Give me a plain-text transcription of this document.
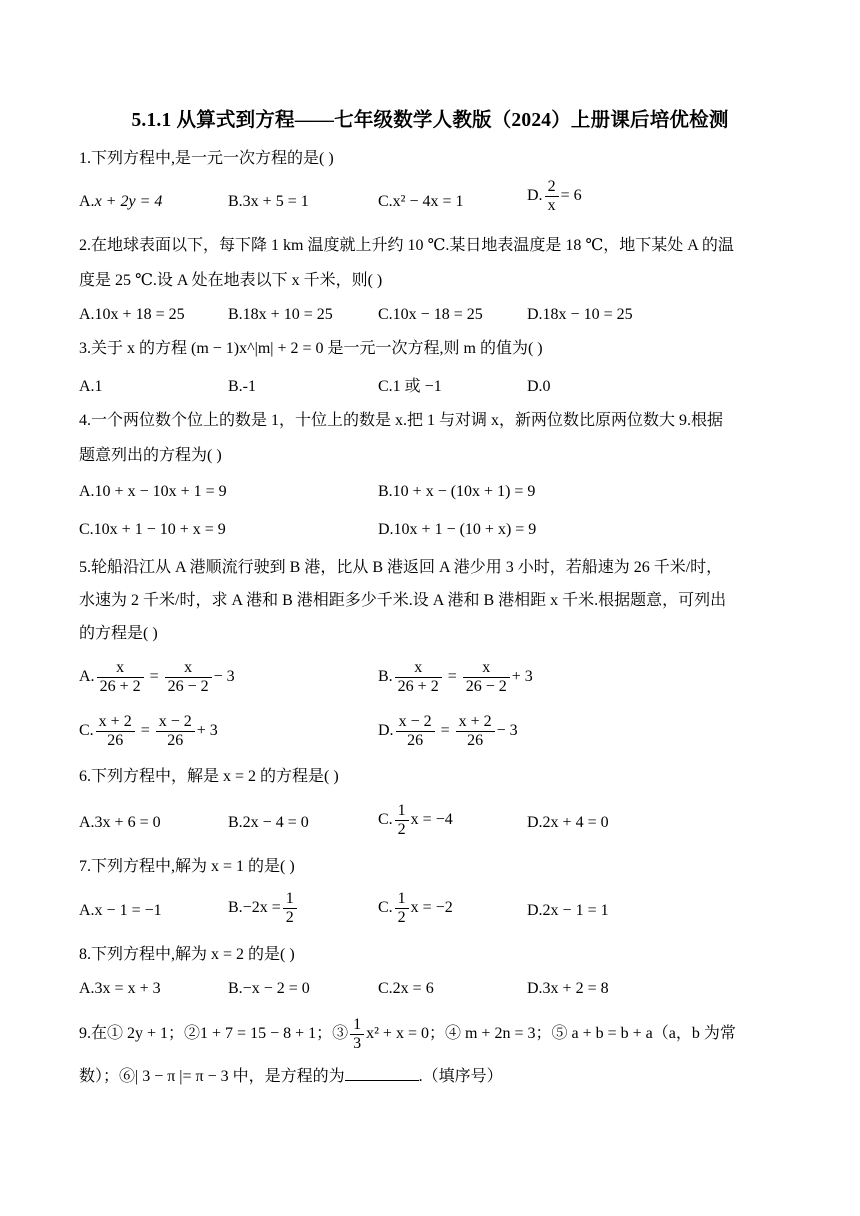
5.1.1 从算式到方程——七年级数学人教版（2024）上册课后培优检测
1.下列方程中,是一元一次方程的是( )
A.x + 2y = 4	B.3x + 5 = 1	C.x² − 4x = 1	D. $\frac{2}{x} = 6$
2.在地球表面以下，每下降 1 km 温度就上升约 10 ℃.某日地表温度是 18 ℃，地下某处 A 的温
度是 25 ℃.设 A 处在地表以下 x 千米，则( )
A.10x + 18 = 25	B.18x + 10 = 25	C.10x − 18 = 25	D.18x − 10 = 25
3.关于 x 的方程 (m − 1)x^|m| + 2 = 0 是一元一次方程,则 m 的值为( )
A.1	B.-1	C.1 或 −1	D.0
4.一个两位数个位上的数是 1，十位上的数是 x.把 1 与对调 x，新两位数比原两位数大 9.根据
题意列出的方程为( )
A.10 + x − 10x + 1 = 9	B.10 + x − (10x + 1) = 9
C.10x + 1 − 10 + x = 9	D.10x + 1 − (10 + x) = 9
5.轮船沿江从 A 港顺流行驶到 B 港，比从 B 港返回 A 港少用 3 小时，若船速为 26 千米/时，
水速为 2 千米/时，求 A 港和 B 港相距多少千米.设 A 港和 B 港相距 x 千米.根据题意，可列出
的方程是( )
A. $\frac{x}{26 + 2} = \frac{x}{26 - 2} - 3$	B. $\frac{x}{26 + 2} = \frac{x}{26 - 2} + 3$
C. $\frac{x + 2}{26} = \frac{x - 2}{26} + 3$	D. $\frac{x - 2}{26} = \frac{x + 2}{26} - 3$
6.下列方程中，解是 x = 2 的方程是( )
A.3x + 6 = 0	B.2x − 4 = 0	C. $\frac{1}{2}$ x = −4	D.2x + 4 = 0
7.下列方程中,解为 x = 1 的是( )
A.x − 1 = −1	$B.-2x = \frac{1}{2}$	C. $\frac{1}{2}$ x = −2	D.2x − 1 = 1
8.下列方程中,解为 x = 2 的是( )
A.3x = x + 3	B.−x − 2 = 0	C.2x = 6	D.3x + 2 = 8
9.在① 2y + 1；②1 + 7 = 15 − 8 + 1；③ $\frac{1}{3} x^2 + x = 0$；④ m + 2n = 3；⑤ a + b = b + a（a，b 为常
数）；⑥| 3 − π |= π − 3 中，是方程的为	.（填序号）
